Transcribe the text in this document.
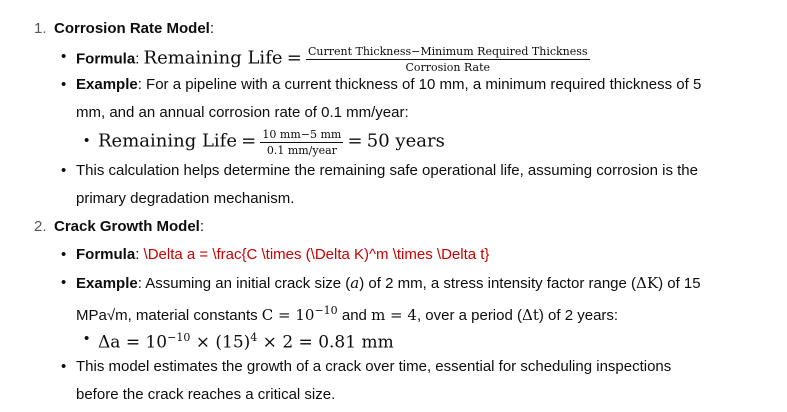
1. Corrosion Rate Model:
• Formula: Remaining Life = $\frac{\text{Current Thickness−Minimum Required Thickness}}{\text{Corrosion Rate}}$
• Example: For a pipeline with a current thickness of 10 mm, a minimum required thickness of 5
mm, and an annual corrosion rate of 0.1 mm/year:
• Remaining Life = $\frac{10 mm-5 mm}{\text{0.1 mm/year}} = 50$ years
• This calculation helps determine the remaining safe operational life, assuming corrosion is the
primary degradation mechanism.
2. Crack Growth Model:
• Formula: \Delta a = \frac{C \times (\Delta K)^m \times \Delta t}
• Example: Assuming an initial crack size (a) of 2 mm, a stress intensity factor range (ΔK) of 15
MPa√m, material constants $C = 10^{-10}$ and m = 4, over a period (Δt) of 2 years:
• $\Delta a = 10^{-10} \times (15)^4 \times 2 = 0.81$ mm
• This model estimates the growth of a crack over time, essential for scheduling inspections
before the crack reaches a critical size.
